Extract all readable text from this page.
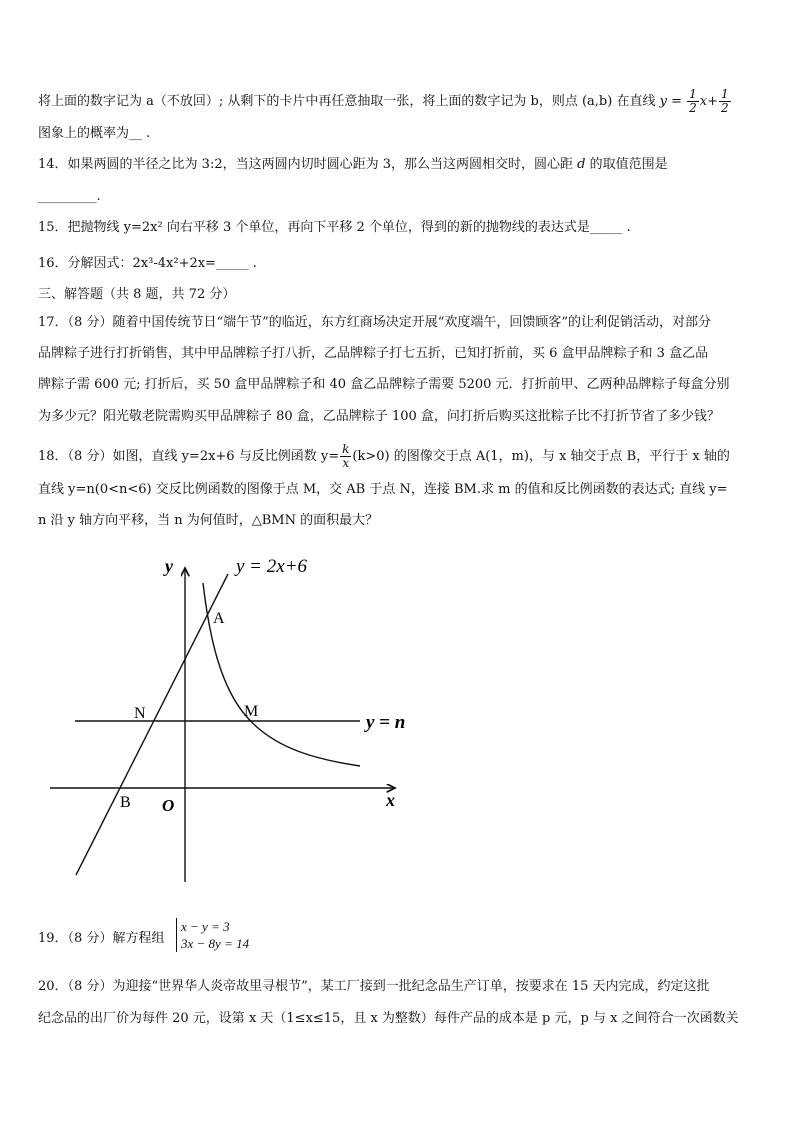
将上面的数字记为 a（不放回）; 从剩下的卡片中再任意抽取一张，将上面的数字记为 b，则点 (a,b) 在直线 $y = \frac{1}{2} x+ \frac{1}{2}$
图象上的概率为__ .
14．如果两圆的半径之比为 3:2，当这两圆内切时圆心距为 3，那么当这两圆相交时，圆心距 d 的取值范围是
_________.
15．把抛物线 y=2x² 向右平移 3 个单位，再向下平移 2 个单位，得到的新的抛物线的表达式是_____ .
16．分解因式：2x³-4x²+2x=_____ .
三、解答题（共 8 题，共 72 分）
17．（8 分）随着中国传统节日“端午节”的临近，东方红商场决定开展“欢度端午，回馈顾客”的让利促销活动，对部分
品牌粽子进行打折销售，其中甲品牌粽子打八折，乙品牌粽子打七五折，已知打折前，买 6 盒甲品牌粽子和 3 盒乙品
牌粽子需 600 元; 打折后，买 50 盒甲品牌粽子和 40 盒乙品牌粽子需要 5200 元．打折前甲、乙两种品牌粽子每盒分别
为多少元？阳光敬老院需购买甲品牌粽子 80 盒，乙品牌粽子 100 盒，问打折后购买这批粽子比不打折节省了多少钱？
18．（8 分）如图，直线 y=2x+6 与反比例函数 $y= \frac{k}{x} (k>0)$ 的图像交于点 A(1，m)，与 x 轴交于点 B，平行于 x 轴的
直线 y=n(0<n<6) 交反比例函数的图像于点 M，交 AB 于点 N，连接 BM.求 m 的值和反比例函数的表达式; 直线 y=
n 沿 y 轴方向平移，当 n 为何值时，△BMN 的面积最大？
y	y = 2x+6
A
N	M
y = n
B O	x
19．（8 分）解方程组
x − y = 3
3x − 8y = 14
20．（8 分）为迎接“世界华人炎帝故里寻根节”，某工厂接到一批纪念品生产订单，按要求在 15 天内完成，约定这批
纪念品的出厂价为每件 20 元，设第 x 天（1≤x≤15，且 x 为整数）每件产品的成本是 p 元，p 与 x 之间符合一次函数关
